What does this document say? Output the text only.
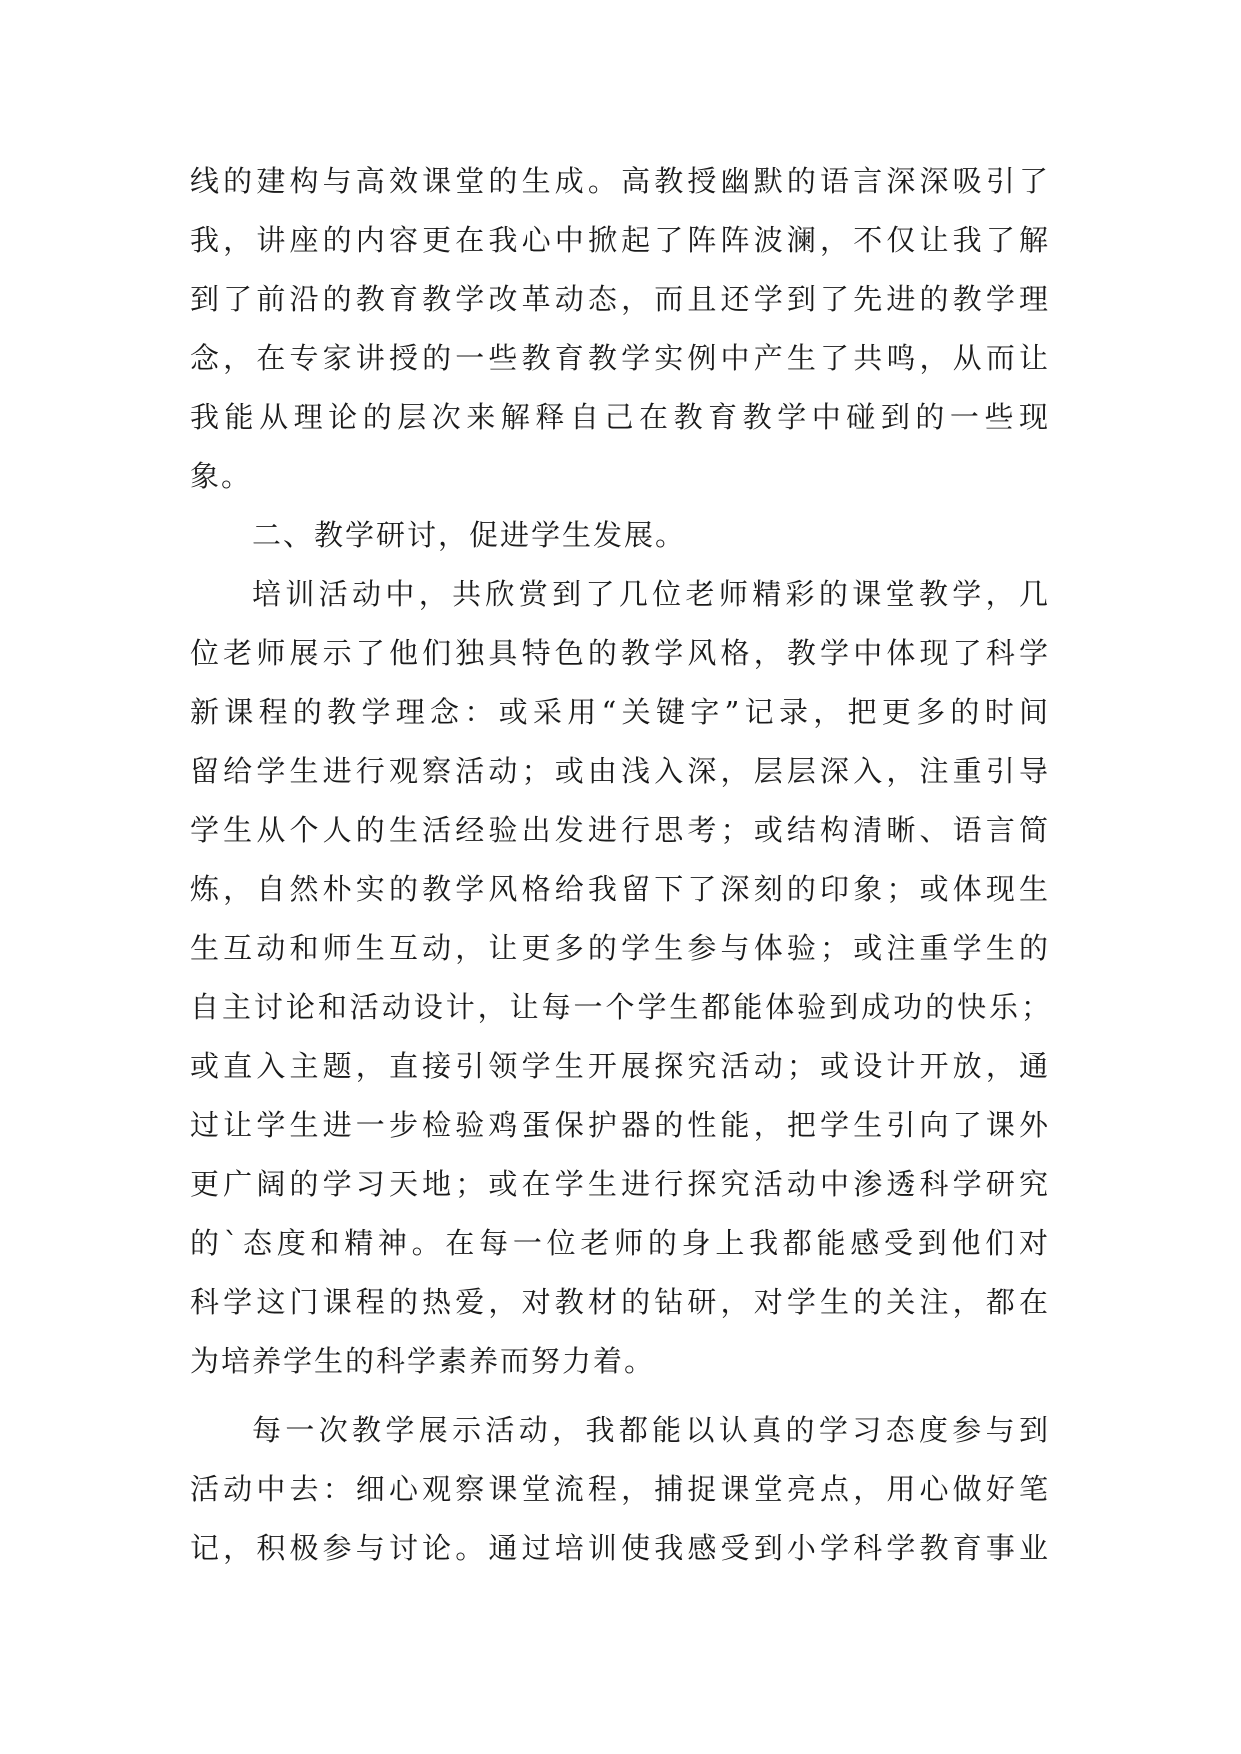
线的建构与高效课堂的生成。高教授幽默的语言深深吸引了
我，讲座的内容更在我心中掀起了阵阵波澜，不仅让我了解
到了前沿的教育教学改革动态，而且还学到了先进的教学理
念，在专家讲授的一些教育教学实例中产生了共鸣，从而让
我能从理论的层次来解释自己在教育教学中碰到的一些现
象。
二、教学研讨，促进学生发展。
培训活动中，共欣赏到了几位老师精彩的课堂教学，几
位老师展示了他们独具特色的教学风格，教学中体现了科学
新课程的教学理念：或采用“关键字”记录，把更多的时间
留给学生进行观察活动；或由浅入深，层层深入，注重引导
学生从个人的生活经验出发进行思考；或结构清晰、语言简
炼，自然朴实的教学风格给我留下了深刻的印象；或体现生
生互动和师生互动，让更多的学生参与体验；或注重学生的
自主讨论和活动设计，让每一个学生都能体验到成功的快乐；
或直入主题，直接引领学生开展探究活动；或设计开放，通
过让学生进一步检验鸡蛋保护器的性能，把学生引向了课外
更广阔的学习天地；或在学生进行探究活动中渗透科学研究
的`态度和精神。在每一位老师的身上我都能感受到他们对
科学这门课程的热爱，对教材的钻研，对学生的关注，都在
为培养学生的科学素养而努力着。
每一次教学展示活动，我都能以认真的学习态度参与到
活动中去：细心观察课堂流程，捕捉课堂亮点，用心做好笔
记，积极参与讨论。通过培训使我感受到小学科学教育事业
